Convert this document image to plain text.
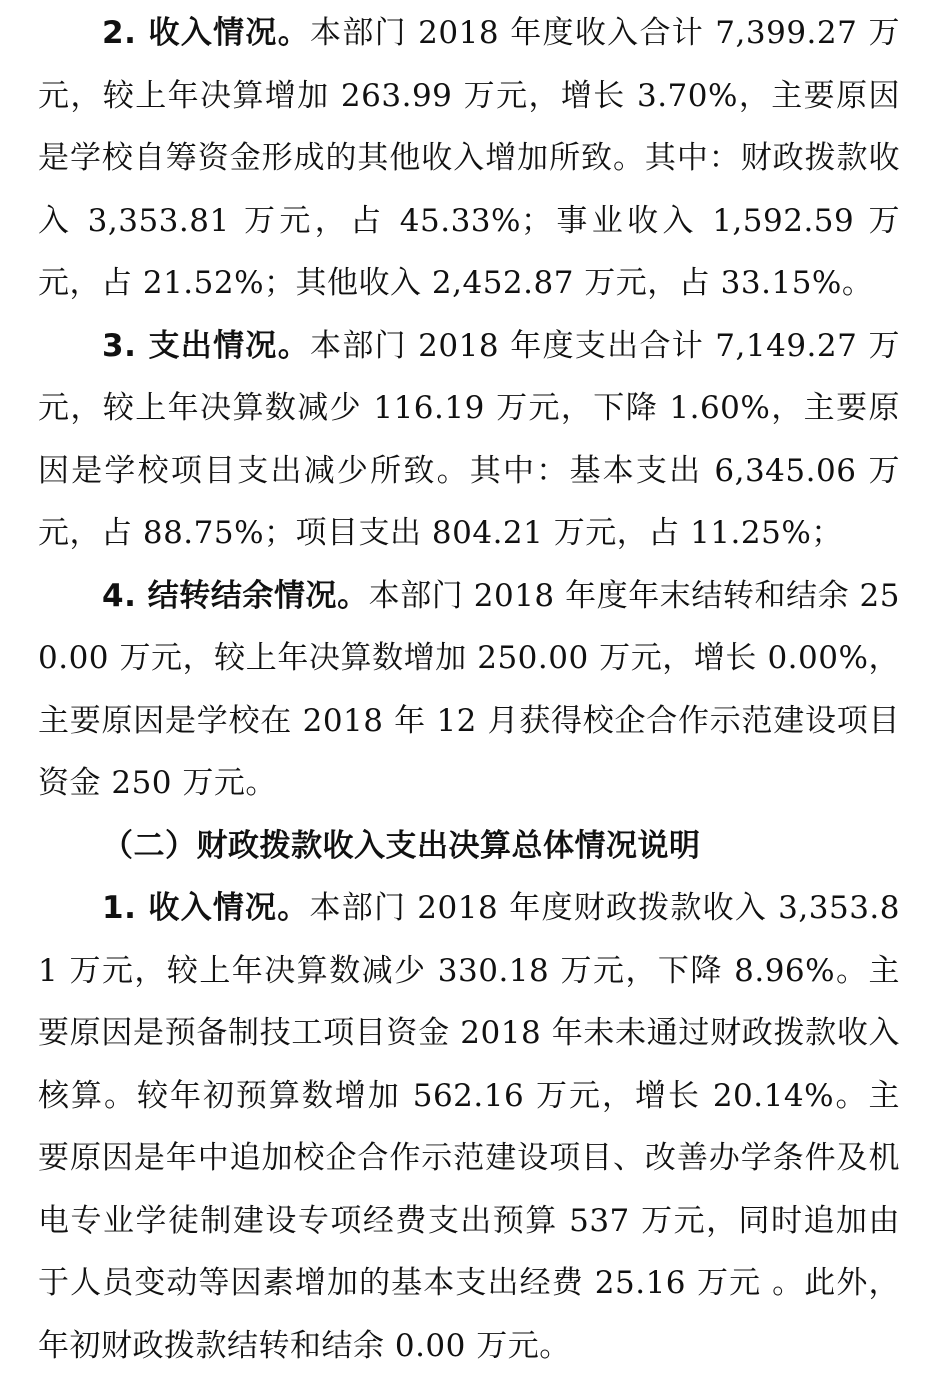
2. 收入情况。本部门 2018 年度收入合计 7,399.27 万元，较上年决算增加 263.99 万元，增长 3.70%，主要原因是学校自筹资金形成的其他收入增加所致。其中：财政拨款收入 3,353.81 万元，占 45.33%；事业收入 1,592.59 万元，占 21.52%；其他收入 2,452.87 万元，占 33.15%。

3. 支出情况。本部门 2018 年度支出合计 7,149.27 万元，较上年决算数减少 116.19 万元，下降 1.60%，主要原因是学校项目支出减少所致。其中：基本支出 6,345.06 万元，占 88.75%；项目支出 804.21 万元，占 11.25%；

4. 结转结余情况。本部门 2018 年度年末结转和结余 250.00 万元，较上年决算数增加 250.00 万元，增长 0.00%，主要原因是学校在 2018 年 12 月获得校企合作示范建设项目资金 250 万元。

（二）财政拨款收入支出决算总体情况说明

1. 收入情况。本部门 2018 年度财政拨款收入 3,353.81 万元，较上年决算数减少 330.18 万元，下降 8.96%。主要原因是预备制技工项目资金 2018 年未未通过财政拨款收入核算。较年初预算数增加 562.16 万元，增长 20.14%。主要原因是年中追加校企合作示范建设项目、改善办学条件及机电专业学徒制建设专项经费支出预算 537 万元，同时追加由于人员变动等因素增加的基本支出经费 25.16 万元 。此外，年初财政拨款结转和结余 0.00 万元。
